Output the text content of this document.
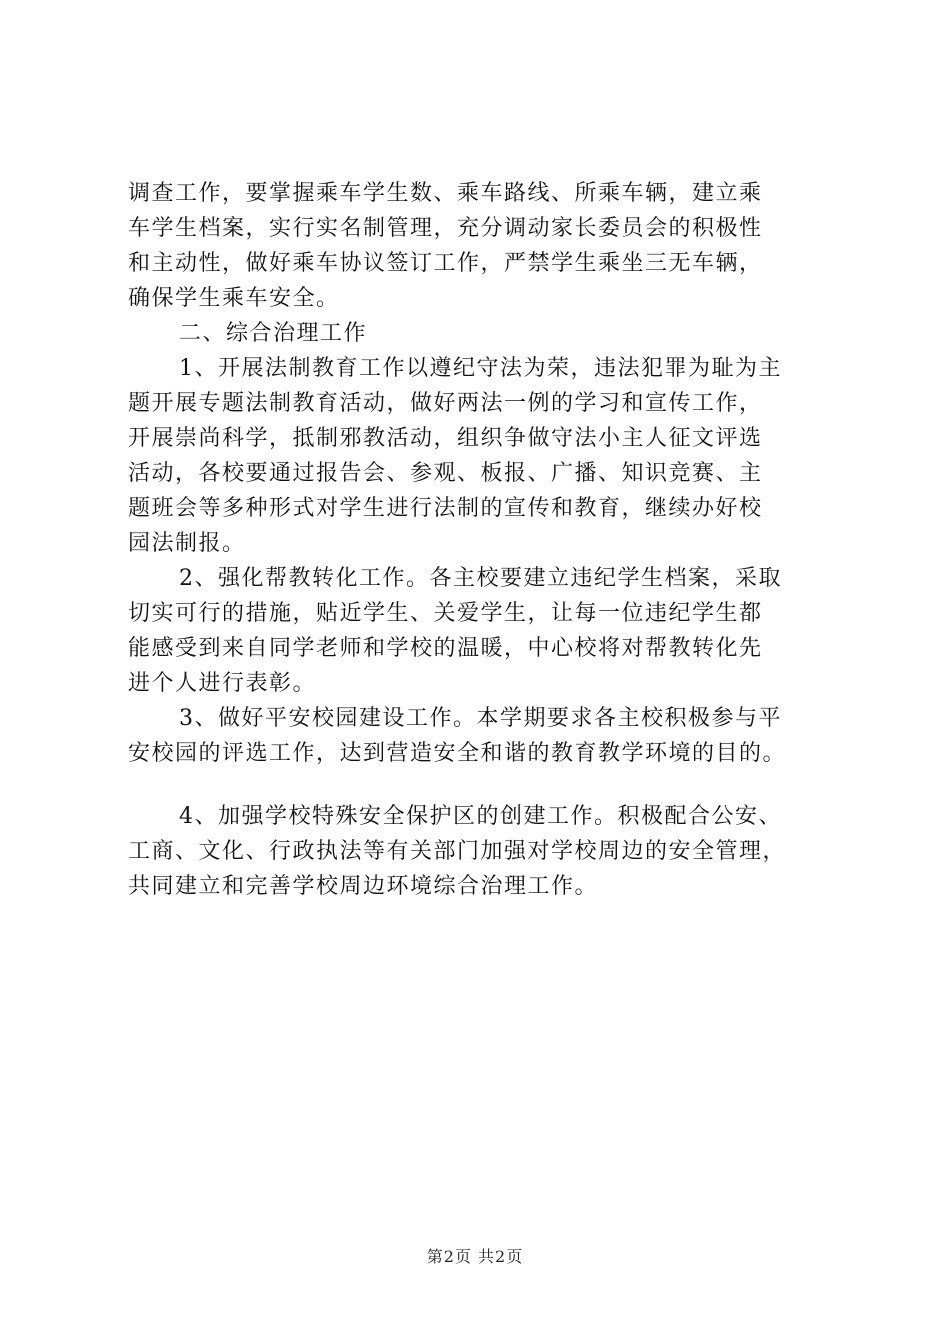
调查工作，要掌握乘车学生数、乘车路线、所乘车辆，建立乘
车学生档案，实行实名制管理，充分调动家长委员会的积极性
和主动性，做好乘车协议签订工作，严禁学生乘坐三无车辆，
确保学生乘车安全。
二、综合治理工作
1、开展法制教育工作以遵纪守法为荣，违法犯罪为耻为主
题开展专题法制教育活动，做好两法一例的学习和宣传工作，
开展崇尚科学，抵制邪教活动，组织争做守法小主人征文评选
活动，各校要通过报告会、参观、板报、广播、知识竞赛、主
题班会等多种形式对学生进行法制的宣传和教育，继续办好校
园法制报。
2、强化帮教转化工作。各主校要建立违纪学生档案，采取
切实可行的措施，贴近学生、关爱学生，让每一位违纪学生都
能感受到来自同学老师和学校的温暖，中心校将对帮教转化先
进个人进行表彰。
3、做好平安校园建设工作。本学期要求各主校积极参与平
安校园的评选工作，达到营造安全和谐的教育教学环境的目的。
4、加强学校特殊安全保护区的创建工作。积极配合公安、
工商、文化、行政执法等有关部门加强对学校周边的安全管理，
共同建立和完善学校周边环境综合治理工作。
第2页 共2页
